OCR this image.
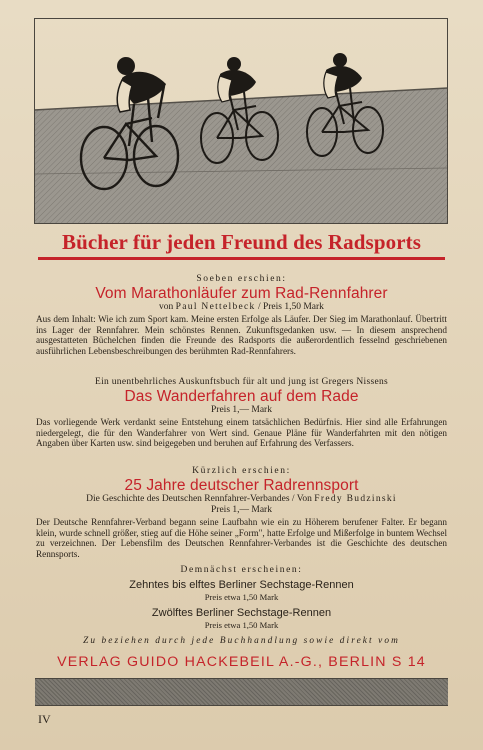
Bücher für jeden Freund des Radsports
Soeben erschien:
Vom Marathonläufer zum Rad-Rennfahrer
von Paul Nettelbeck / Preis 1,50 Mark
Aus dem Inhalt: Wie ich zum Sport kam. Meine ersten Erfolge als Läufer. Der Sieg im Marathonlauf. Übertritt ins Lager der Rennfahrer. Mein schönstes Rennen. Zukunftsgedanken usw. — In diesem ansprechend ausgestatteten Büchelchen finden die Freunde des Radsports die außerordentlich fesselnd geschriebenen ausführlichen Lebensbeschreibungen des berühmten Rad-Rennfahrers.
Ein unentbehrliches Auskunftsbuch für alt und jung ist Gregers Nissens
Das Wanderfahren auf dem Rade
Preis 1,— Mark
Das vorliegende Werk verdankt seine Entstehung einem tatsächlichen Bedürfnis. Hier sind alle Erfahrungen niedergelegt, die für den Wanderfahrer von Wert sind. Genaue Pläne für Wanderfahrten mit den nötigen Angaben über Karten usw. sind beigegeben und beruhen auf Erfahrung des Verfassers.
Kürzlich erschien:
25 Jahre deutscher Radrennsport
Die Geschichte des Deutschen Rennfahrer-Verbandes / Von Fredy Budzinski
Preis 1,— Mark
Der Deutsche Rennfahrer-Verband begann seine Laufbahn wie ein zu Höherem berufener Falter. Er begann klein, wurde schnell größer, stieg auf die Höhe seiner „Form", hatte Erfolge und Mißerfolge in buntem Wechsel zu verzeichnen. Der Lebensfilm des Deutschen Rennfahrer-Verbandes ist die Geschichte des deutschen Rennsports.
Demnächst erscheinen:
Zehntes bis elftes Berliner Sechstage-Rennen
Preis etwa 1,50 Mark
Zwölftes Berliner Sechstage-Rennen
Preis etwa 1,50 Mark
Zu beziehen durch jede Buchhandlung sowie direkt vom
VERLAG GUIDO HACKEBEIL A.-G., BERLIN S 14
IV
